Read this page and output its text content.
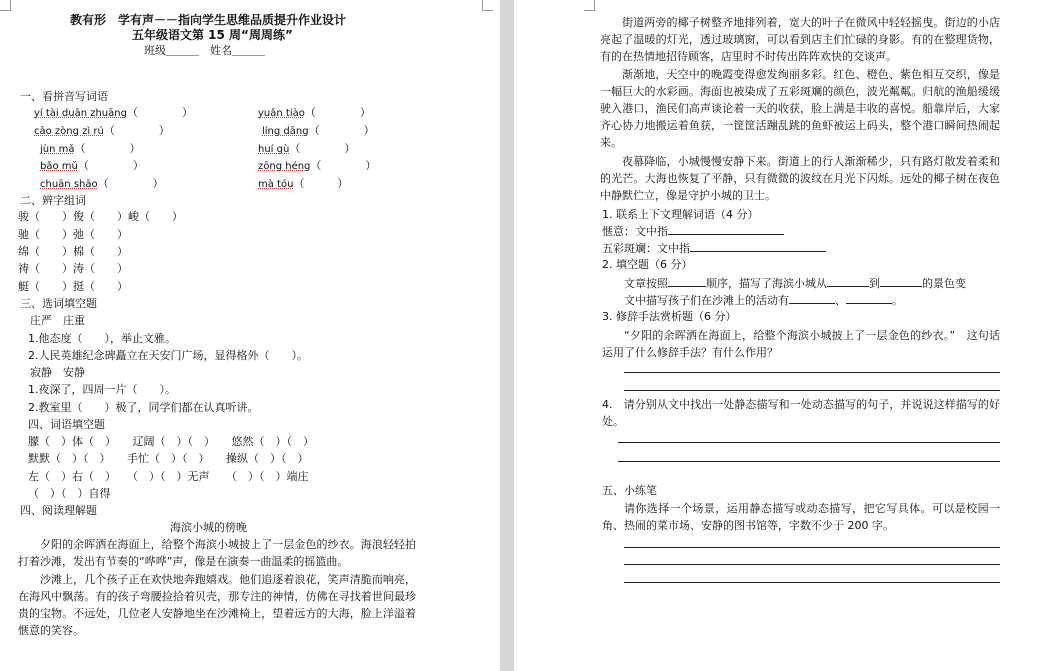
教有形　学有声－－指向学生思维品质提升作业设计
五年级语文第 15 周“周周练”
班级＿＿＿　姓名＿＿＿
一、看拼音写词语
yí tài duān zhuāng（　　　　）	yuǎn tiào（　　　　）
cāo zòng zì rú（　　　　）	líng dāng（　　　　）
jùn mǎ（　　　　）	huí gù（　　　　）
bǎo mǔ（　　　　）	zōng héng（　　　　）
chuān shāo（　　　　）	mà tóu（　　　）
二、辨字组词
骏（　　）俊（　　）峻（　　）
驰（　　）弛（　　）
绵（　　）棉（　　）
祷（　　）涛（　　）
艇（　　）挺（　　）
三、选词填空题
庄严　庄重
1.他态度（　　），举止文雅。
2.人民英雄纪念碑矗立在天安门广场，显得格外（　　）。
寂静　安静
1.夜深了，四周一片（　　）。
2.教室里（　　）极了，同学们都在认真听讲。
四、词语填空题
朦（　）体（　）　　辽阔（　）（　）　　悠然（　）（　）
默默（　）（　）　　手忙（　）（　）　　操纵（　）（　）
左（　）右（　）　　（　）（　）无声　　（　）（　）端庄
（　）（　）自得
四、阅读理解题
海滨小城的傍晚
夕阳的余晖洒在海面上，给整个海滨小城披上了一层金色的纱衣。海浪轻轻拍打着沙滩，发出有节奏的“哗哗”声，像是在演奏一曲温柔的摇篮曲。
沙滩上，几个孩子正在欢快地奔跑嬉戏。他们追逐着浪花，笑声清脆而响亮，在海风中飘荡。有的孩子弯腰捡拾着贝壳，那专注的神情，仿佛在寻找着世间最珍贵的宝物。不远处，几位老人安静地坐在沙滩椅上，望着远方的大海，脸上洋溢着惬意的笑容。
街道两旁的椰子树整齐地排列着，宽大的叶子在微风中轻轻摇曳。街边的小店亮起了温暖的灯光，透过玻璃窗，可以看到店主们忙碌的身影。有的在整理货物，有的在热情地招待顾客，店里时不时传出阵阵欢快的交谈声。
渐渐地，天空中的晚霞变得愈发绚丽多彩。红色、橙色、紫色相互交织，像是一幅巨大的水彩画。海面也被染成了五彩斑斓的颜色，波光粼粼。归航的渔船缓缓驶入港口，渔民们高声谈论着一天的收获，脸上满是丰收的喜悦。船靠岸后，大家齐心协力地搬运着鱼获，一筐筐活蹦乱跳的鱼虾被运上码头，整个港口瞬间热闹起来。
夜幕降临，小城慢慢安静下来。街道上的行人渐渐稀少，只有路灯散发着柔和的光芒。大海也恢复了平静，只有微微的波纹在月光下闪烁。远处的椰子树在夜色中静默伫立，像是守护小城的卫士。
1. 联系上下文理解词语（4 分）
惬意：文中指
五彩斑斓：文中指
2. 填空题（6 分）
文章按照	顺序，描写了海滨小城从	到	的景色变
文中描写孩子们在沙滩上的活动有	、	。
3. 修辞手法赏析题（6 分）
“夕阳的余晖洒在海面上，给整个海滨小城披上了一层金色的纱衣。”　这句话运用了什么修辞手法？有什么作用？
4.　请分别从文中找出一处静态描写和一处动态描写的句子，并说说这样描写的好处。
五、小练笔
请你选择一个场景，运用静态描写或动态描写，把它写具体。可以是校园一角、热闹的菜市场、安静的图书馆等，字数不少于 200 字。
